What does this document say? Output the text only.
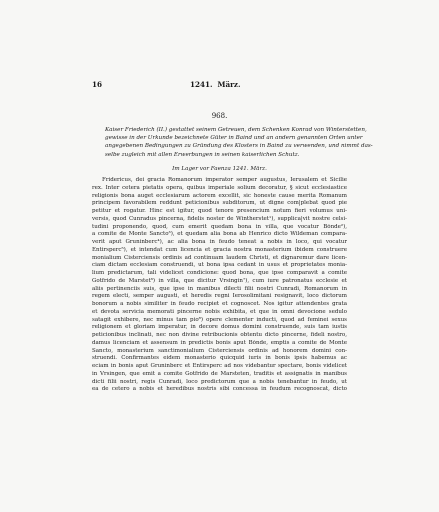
16	1241.  März.
968.
Kaiser Friederich (II.) gestattet seinem Getreuen, dem Schenken Konrad von Winterstetten,
gewisse in der Urkunde bezeichnete Güter in Baind und an andern genannten Orten unter
angegebenen Bedingungen zu Gründung des Klosters in Baind zu verwenden, und nimmt das-
selbe zugleich mit allen Erwerbungen in seinen kaiserlichen Schutz.
Im Lager vor Faenza 1241. März.
Fridericus, dei gracia Romanorum imperator semper augustus, Ierusalem et Sicilie
rex. Inter cetera pietatis opera, quibus imperiale solium decoratur, § sicut ecclesiastice
religionis bona auget ecclesiarum actorem excellit, sic honeste cause merita Romanum
principem favorabilem reddunt peticionibus subditorum, ut digne com|plebat quod pie
petitur et rogatur. Hinc est igitur, quod tenore presencium notum fieri volumus uni-
versis, quod Cunradus pincerna, fidelis noster de Wintherstet¹), supplica|vit nostre celsi-
tudini proponendo, quod, cum emerit quedam bona in villa, que vocatur Bǒnde²),
a comite de Monte Sancto³), et quedam alia bona ab Henrico dicto Wildeman compara-
verit aput Gruninberc⁴), ac alia bona in feudo teneat a nobis in loco, qui vocatur
Entirsperc⁵), et intendat cum licencia et gracia nostra monasterium ibidem construere
monialium Cisterciensis ordinis ad continuam laudem Christi, et dignaremur dare licen-
ciam dictam ecclesiam construendi, ut bona ipsa cedant in usus et proprietates monia-
lium predictarum, tali videlicet condicione: quod bona, que ipse comparavit a comite
Gotfrido de Marstet⁶) in villa, que dicitur Vrsingin⁷), cum iure patronatus ecclesie et
aliis pertinenciis suis, que ipse in manibus dilecti filii nostri Cunradi, Romanorum in
regem electi, semper augusti, et heredis regni Ierosolimitani resignavit, loco dictorum
bonorum a nobis similiter in feudo recipiet et cognoscet. Nos igitur attendentes grata
et devota servicia memorati pincerne nobis exhibita, et que in omni devocione sedulo
satagit exhibere, nec minus tam pio⁸) opere clementer inducti, quod ad feminei sexus
religionem et gloriam imperatur, in decore domus domini construende, suis tam iustis
peticionibus inclinati, nec non divine retribucionis obtentu dicto pincerne, fideli nostro,
damus licenciam et assensum in predictis bonis aput Bǒnde, emptis a comite de Monte
Sancto, monasterium sanctimonialium Cisterciensis ordinis ad honorem domini con-
struendi. Confirmantes eidem monasterio quicquid iuris in bonis ipsis habemus ac
eciam in bonis aput Gruninberc et Entirsperc ad nos videbantur spectare, bonis videlicet
in Vrsingen, que emit a comite Gotfrido de Marsteten, traditis et assignatis in manibus
dicti filii nostri, regis Cunradi, loco predictorum que a nobis tenebantur in feudo, ut
ea de cetero a nobis et heredibus nostris sibi concessa in feudum recognoscat, dicto
